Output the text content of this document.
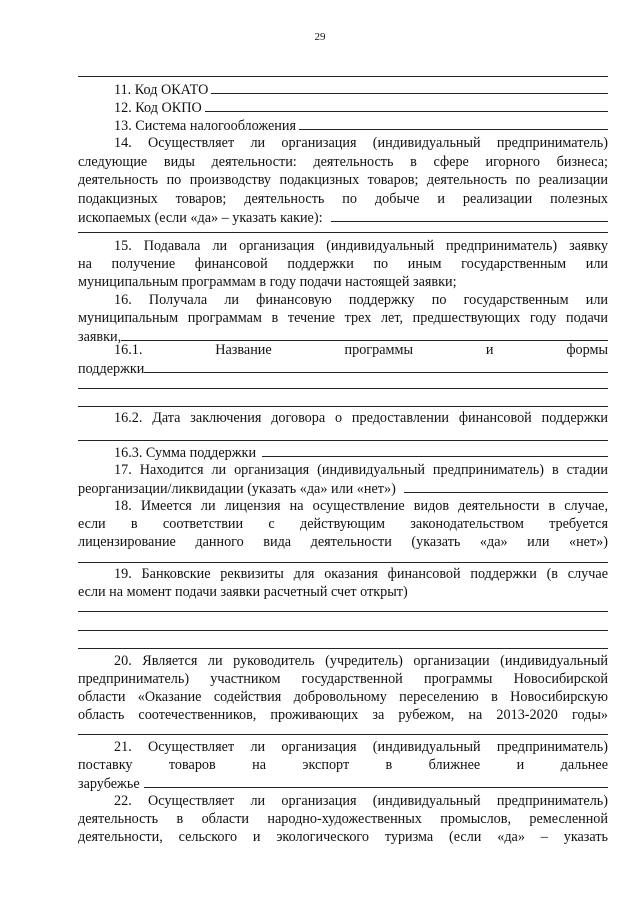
29
11. Код ОКАТО
12. Код ОКПО
13. Система налогообложения
14. Осуществляет ли организация (индивидуальный предприниматель)
следующие виды деятельности: деятельность в сфере игорного бизнеса;
деятельность по производству подакцизных товаров; деятельность по реализации
подакцизных товаров; деятельность по добыче и реализации полезных
ископаемых (если «да» – указать какие):
15. Подавала ли организация (индивидуальный предприниматель) заявку
на получение финансовой поддержки по иным государственным или
муниципальным программам в году подачи настоящей заявки;
16. Получала ли финансовую поддержку по государственным или
муниципальным программам в течение трех лет, предшествующих году подачи
заявки,
16.1. Название программы и формы
поддержки
16.2. Дата заключения договора о предоставлении финансовой поддержки
16.3. Сумма поддержки
17. Находится ли организация (индивидуальный предприниматель) в стадии
реорганизации/ликвидации (указать «да» или «нет»)
18. Имеется ли лицензия на осуществление видов деятельности в случае,
если в соответствии с действующим законодательством требуется
лицензирование данного вида деятельности (указать «да» или «нет»)
19. Банковские реквизиты для оказания финансовой поддержки (в случае
если на момент подачи заявки расчетный счет открыт)
20. Является ли руководитель (учредитель) организации (индивидуальный
предприниматель) участником государственной программы Новосибирской
области «Оказание содействия добровольному переселению в Новосибирскую
область соотечественников, проживающих за рубежом, на 2013-2020 годы»
21. Осуществляет ли организация (индивидуальный предприниматель)
поставку товаров на экспорт в ближнее и дальнее
зарубежье
22. Осуществляет ли организация (индивидуальный предприниматель)
деятельность в области народно-художественных промыслов, ремесленной
деятельности, сельского и экологического туризма (если «да» – указать
